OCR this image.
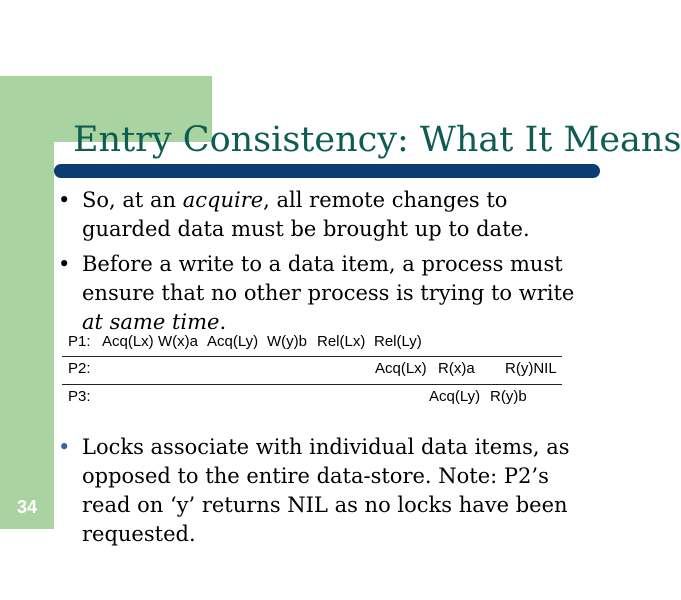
Entry Consistency: What It Means
• So, at an acquire, all remote changes to guarded data must be brought up to date.
• Before a write to a data item, a process must ensure that no other process is trying to write at same time.
P1: Acq(Lx) W(x)a Acq(Ly) W(y)b Rel(Lx) Rel(Ly)
P2:	Acq(Lx) R(x)a R(y)NIL
P3:	Acq(Ly) R(y)b
• Locks associate with individual data items, as opposed to the entire data-store. Note: P2’s read on ‘y’ returns NIL as no locks have been requested.
34
